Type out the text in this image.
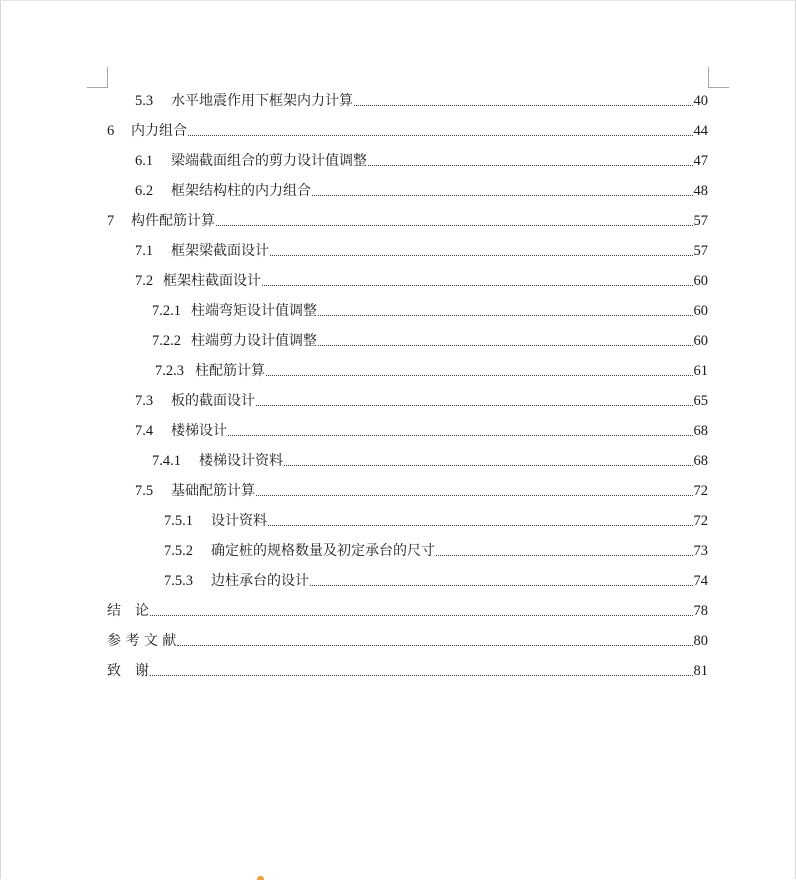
5.3	水平地震作用下框架内力计算	40
6	内力组合	44
6.1	梁端截面组合的剪力设计值调整	47
6.2	框架结构柱的内力组合	48
7	构件配筋计算	57
7.1	框架梁截面设计	57
7.2 框架柱截面设计	60
7.2.1 柱端弯矩设计值调整	60
7.2.2 柱端剪力设计值调整	60
7.2.3 柱配筋计算	61
7.3	板的截面设计	65
7.4	楼梯设计	68
7.4.1	楼梯设计资料	68
7.5	基础配筋计算	72
7.5.1	设计资料	72
7.5.2	确定桩的规格数量及初定承台的尺寸	73
7.5.3	边柱承台的设计	74
结　论	78
参 考 文 献	80
致　谢	81
